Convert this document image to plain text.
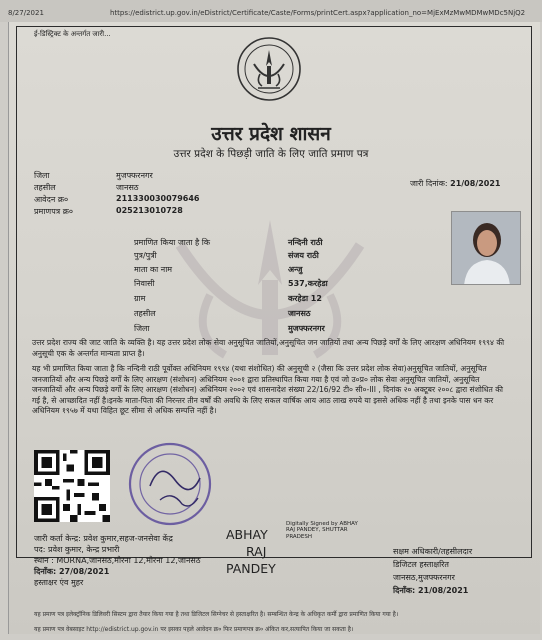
8/27/2021	https://edistrict.up.gov.in/eDistrict/Certificate/Caste/Forms/printCert.aspx?application_no=MjExMzMwMDMwMDc5NjQ2
ई-डिस्ट्रिक्ट के अन्तर्गत जारी...
उत्तर प्रदेश शासन
उत्तर प्रदेश के पिछड़ी जाति के लिए जाति प्रमाण पत्र
जिला	मुजफ्फरनगर
तहसील	जानसठ
आवेदन क्र०	211330030079646
प्रमाणपत्र क्र०	025213010728
जारी दिनांक: 21/08/2021
प्रमाणित किया जाता है कि	नन्दिनी राठी
पुत्र/पुत्री	संजय राठी
माता का नाम	अन्जु
निवासी	537,करहेडा
ग्राम	करहेडा 12
तहसील	जानसठ
जिला	मुजफ्फरनगर
उत्तर प्रदेश राज्य की जाट जाति के व्यक्ति है। यह उत्तर प्रदेश लोक सेवा अनुसूचित जातियों,अनुसूचित जन जातियों तथा अन्य पिछड़े वर्गों के लिए आरक्षण अधिनियम १९९४ की अनुसूची एक के अन्तर्गत मान्यता प्राप्त है।
यह भी प्रमाणित किया जाता है कि नन्दिनी राठी पूर्वोक्त अधिनियम १९९४ (यथा संशोधित) की अनुसूची २ (जैसा कि उत्तर प्रदेश लोक सेवा)अनुसूचित जातियों, अनुसूचित जनजातियों और अन्य पिछड़े वर्गों के लिए आरक्षण (संशोधन) अधिनियम २००१ द्वारा प्रतिस्थापित किया गया है एवं जो उ०प्र० लोक सेवा अनुसूचित जातियों, अनुसूचित जनजातियों और अन्य पिछड़े वर्गों के लिए आरक्षण (संशोधन) अधिनियम २००२ एवं शासनादेश संख्या 22/16/92 टी० सी०-III , दिनांक २० अक्टूबर २००८ द्वारा संशोधित की गई है, से आच्छादित नहीं है।इनके माता-पिता की निरन्तर तीन वर्षों की अवधि के लिए सकल वार्षिक आय आठ लाख रुपये या इससे अधिक नहीं है तथा इनके पास धन कर अधिनियम १९५७ में यथा विहित छूट सीमा से अधिक सम्पत्ति नहीं है।
जारी कर्ता केन्द्र: प्रवेश कुमार,सहज-जनसेवा केंद्र
पद: प्रवेश कुमार, केन्द्र प्रभारी
स्थान : MORNA,जानसठ,मोरना 12,मोरना 12,जानसठ
दिनाँक: 27/08/2021
हस्ताक्षर एंव मुहर
ABHAY
RAJ
PANDEY
Digitally Signed by ABHAY RAJ PANDEY, SHUTTAR PRADESH
सक्षम अधिकारी/तहसीलदार
डिजिटल हस्ताक्षरित
जानसठ,मुजफ्फरनगर
दिनाँक: 21/08/2021
यह प्रमाण पत्र इलेक्ट्रॉनिक डिलिवरी सिस्टम द्वारा तैयार किया गया है तथा डिजिटल सिग्नेचर से हस्ताक्षरित है। सम्बन्धित केन्द्र के अधिकृत कर्मी द्वारा प्रमाणित किया गया है।
यह प्रमाण पत्र वेबसाइट http://edistrict.up.gov.in पर इसका पहले आवेदन क्र० फिर प्रमाणपत्र क्र० अंकित कर,सत्यापित किया जा सकता है।
